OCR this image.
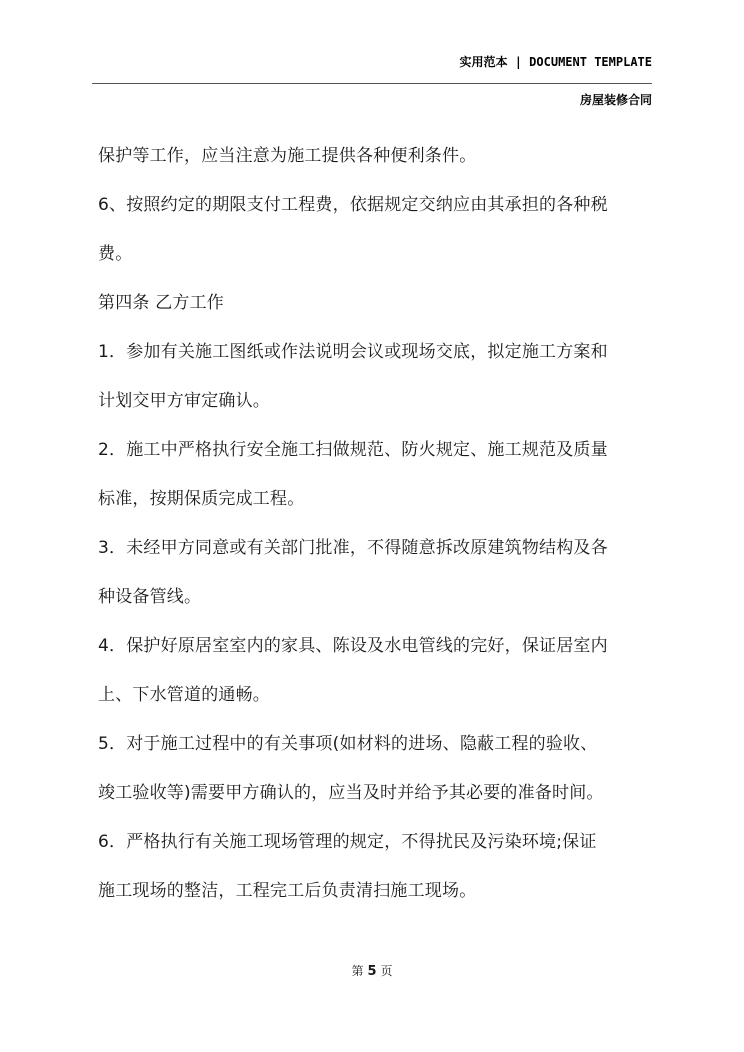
实用范本 | DOCUMENT TEMPLATE
房屋装修合同
保护等工作，应当注意为施工提供各种便利条件。
6、按照约定的期限支付工程费，依据规定交纳应由其承担的各种税
费。
第四条 乙方工作
1．参加有关施工图纸或作法说明会议或现场交底，拟定施工方案和
计划交甲方审定确认。
2．施工中严格执行安全施工扫做规范、防火规定、施工规范及质量
标准，按期保质完成工程。
3．未经甲方同意或有关部门批准，不得随意拆改原建筑物结构及各
种设备管线。
4．保护好原居室室内的家具、陈设及水电管线的完好，保证居室内
上、下水管道的通畅。
5．对于施工过程中的有关事项(如材料的进场、隐蔽工程的验收、
竣工验收等)需要甲方确认的，应当及时并给予其必要的准备时间。
6．严格执行有关施工现场管理的规定，不得扰民及污染环境;保证
施工现场的整洁，工程完工后负责清扫施工现场。
第 5 页
